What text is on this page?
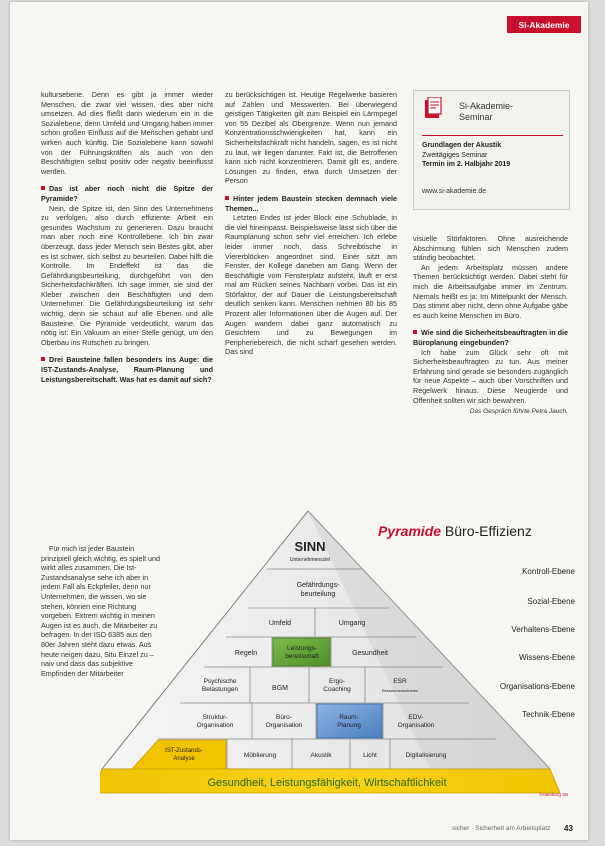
Si-Akademie

kultursebene. Denn es gibt ja immer wieder Menschen, die zwar viel wissen, dies aber nicht umsetzen. Ad dies fließt dann wiederum ein in die Sozialebene, denn Umfeld und Umgang haben immer schon großen Einfluss auf die Menschen gehabt und wirken auch künftig. Die Sozialebene kann sowohl von der Führungskräften als auch von den Beschäftigten selbst positiv oder negativ beeinflusst werden.

Das ist aber noch nicht die Spitze der Pyramide?

Nein, die Spitze ist, den Sinn des Unternehmens zu verfolgen, also durch effiziente Arbeit ein gesundes Wachstum zu generieren. Dazu braucht man aber noch eine Kontrollebene. Ich bin zwar überzeugt, dass jeder Mensch sein Bestes gibt, aber es ist schwer, sich selbst zu beurteilen. Dabei hilft die Kontrolle. Im Endeffekt ist das die Gefährdungsbeurteilung, durchgeführt von den Sicherheitsfachkräften. Ich sage immer, sie sind der Kleber zwischen den Beschäftigten und dem Unternehmer. Die Gefährdungsbeurteilung ist sehr wichtig, denn sie schaut auf alle Ebenen und alle Bausteine. Die Pyramide verdeutlicht, warum das nötig ist: Ein Vakuum an einer Stelle genügt, um den Oberbau ins Rutschen zu bringen.

Drei Bausteine fallen besonders ins Auge: die IST-Zustands-Analyse, Raum-Planung und Leistungsbereitschaft. Was hat es damit auf sich?

Für mich ist jeder Baustein prinzipiell gleich wichtig, es spielt und wirkt alles zusammen. Die Ist-Zustandsanalyse sehe ich aber in jedem Fall als Eckpfeiler, denn nur Unternehmen, die wissen, wo sie stehen, können eine Richtung vorgeben. Extrem wichtig in meinen Augen ist es auch, die Mitarbeiter zu befragen. In der ISO 6385 aus den 80er Jahren steht dazu etwas. Aus heute neigen dazu, Situ Einzel zu – naiv und dass das subjektive Empfinden der Mitarbeiter

zu berücksichtigen ist. Heutige Regelwerke basieren auf Zahlen und Messwerten. Bei überwiegend geistigen Tätigkeiten gilt zum Beispiel ein Lärmpegel von 55 Dezibel als Obergrenze. Wenn nun jemand Konzentrationsschwierigkeiten hat, kann ein Sicherheitsfachkraft nicht handeln, sagen, es ist nicht zu laut, wir liegen darunter. Fakt ist, die Betroffenen kann sich nicht konzentrieren. Damit gilt es, andere Lösungen zu finden, etwa durch Umsetzen der Person

Hinter jedem Baustein stecken demnach viele Themen...

Letzten Endes ist jeder Block eine Schublade, in die viel hineinpasst. Beispielsweise lässt sich über die Raumplanung schon sehr viel erreichen. Ich erlebe leider immer noch, dass Schreibtische in Viererblöcken angeordnet sind. Einer sitzt am Fenster, der Kollege daneben am Gang. Wenn der Beschäftigte vom Fensterplatz aufsteht, läuft er erst mal am Rücken seines Nachbarn vorbei. Das ist ein Störfaktor, der auf Dauer die Leistungsbereitschaft deutlich senken kann. Menschen nehmen 80 bis 85 Prozent aller Informationen über die Augen auf. Der Augen wandern dabei ganz automatisch zu Gesichtern und zu Bewegungen im Peripheriebereich, die nicht scharf gesehen werden. Das sind

Si-Akademie-
Seminar
Grundlagen der Akustik
Zweitägiges Seminar
Termin im 2. Halbjahr 2019
www.si-akademie.de

visuelle Störfaktoren. Ohne ausreichende Abschirmung fühlen sich Menschen zudem ständig beobachtet.

An jedem Arbeitsplatz müssen andere Themen berücksichtigt werden. Dabei steht für mich die Arbeitsaufgabe immer im Zentrum. Niemals heißt es ja: Im Mittelpunkt der Mensch. Das stimmt aber nicht, denn ohne Aufgabe gäbe es auch keine Menschen im Büro.

Wie sind die Sicherheitsbeauftragten in die Büroplanung eingebunden?

Ich habe zum Glück sehr oft mit Sicherheitsbeauftragten zu tun. Aus meiner Erfahrung sind gerade sie besonders zugänglich für neue Aspekte – auch über Vorschriften und Regelwerk hinaus. Diese Neugierde und Offenheit sollten wir sich bewahren.

Das Gespräch führte Petra Jauch.
Pyramide Büro-Effizienz
SINN
Unternehmensziel
Gefährdungs-beurteilung
Umfeld	Umgang
Regeln
Leistungs-bereitschaft	Gesundheit
Psychische Belastungen	BGM
Ergo-Coaching
ESR
Ressourcenschonen
Struktur-Organisation
Büro-Organisation
Raum-Planung
EDV-Organisation
IST-Zustands-Analyse	Möblierung	Akustik	Licht	Digitalisierung
Gesundheit, Leistungsfähigkeit, Wirtschaftlichkeit
Kontroll-Ebene
Sozial-Ebene
Verhaltens-Ebene
Wissens-Ebene
Organisations-Ebene
Technik-Ebene
©Hamburg SB
sicher · Sicherheit am Arbeitsplatz 43
